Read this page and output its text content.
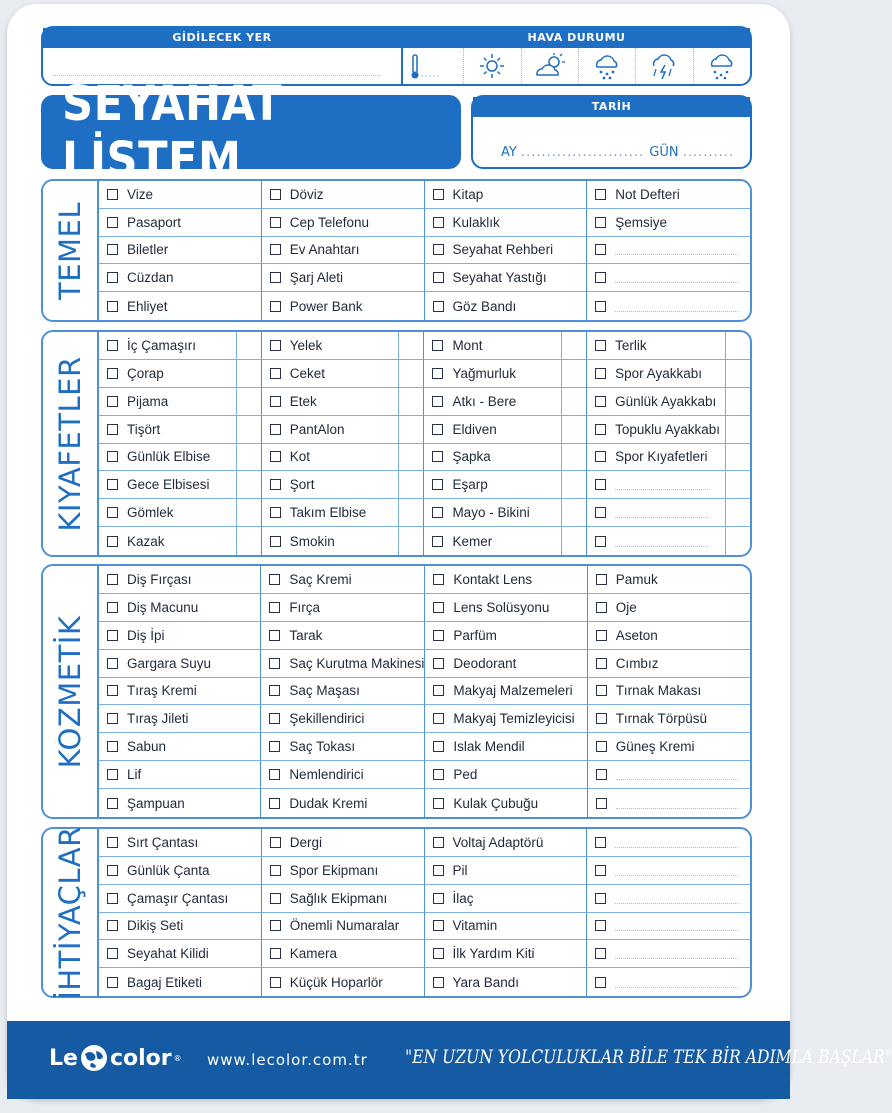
GİDİLECEK YER	HAVA DURUMU
SEYAHAT LİSTEM
TARİH
AY ........................ GÜN ..........
TEMEL
Vize
Pasaport
Biletler
Cüzdan
Ehliyet
Döviz
Cep Telefonu
Ev Anahtarı
Şarj Aleti
Power Bank
Kitap
Kulaklık
Seyahat Rehberi
Seyahat Yastığı
Göz Bandı
Not Defteri
Şemsiye
KIYAFETLER
İç Çamaşırı
Çorap
Pijama
Tişört
Günlük Elbise
Gece Elbisesi
Gömlek
Kazak
Yelek
Ceket
Etek
PantAlon
Kot
Şort
Takım Elbise
Smokin
Mont
Yağmurluk
Atkı - Bere
Eldiven
Şapka
Eşarp
Mayo - Bikini
Kemer
Terlik
Spor Ayakkabı
Günlük Ayakkabı
Topuklu Ayakkabı
Spor Kıyafetleri
KOZMETİK
Diş Fırçası
Diş Macunu
Diş İpi
Gargara Suyu
Tıraş Kremi
Tıraş Jileti
Sabun
Lif
Şampuan
Saç Kremi
Fırça
Tarak
Saç Kurutma Makinesi
Saç Maşası
Şekillendirici
Saç Tokası
Nemlendirici
Dudak Kremi
Kontakt Lens
Lens Solüsyonu
Parfüm
Deodorant
Makyaj Malzemeleri
Makyaj Temizleyicisi
Islak Mendil
Ped
Kulak Çubuğu
Pamuk
Oje
Aseton
Cımbız
Tırnak Makası
Tırnak Törpüsü
Güneş Kremi
İHTİYAÇLAR	Sırt Çantası
Günlük Çanta
Çamaşır Çantası
Dikiş Seti
Seyahat Kilidi
Bagaj Etiketi
Dergi
Spor Ekipmanı
Sağlık Ekipmanı
Önemli Numaralar
Kamera
Küçük Hoparlör
Voltaj Adaptörü
Pil
İlaç
Vitamin
İlk Yardım Kiti
Yara Bandı
Le color ® www.lecolor.com.tr "EN UZUN YOLCULUKLAR BİLE TEK BİR ADIMLA BAŞLAR"
